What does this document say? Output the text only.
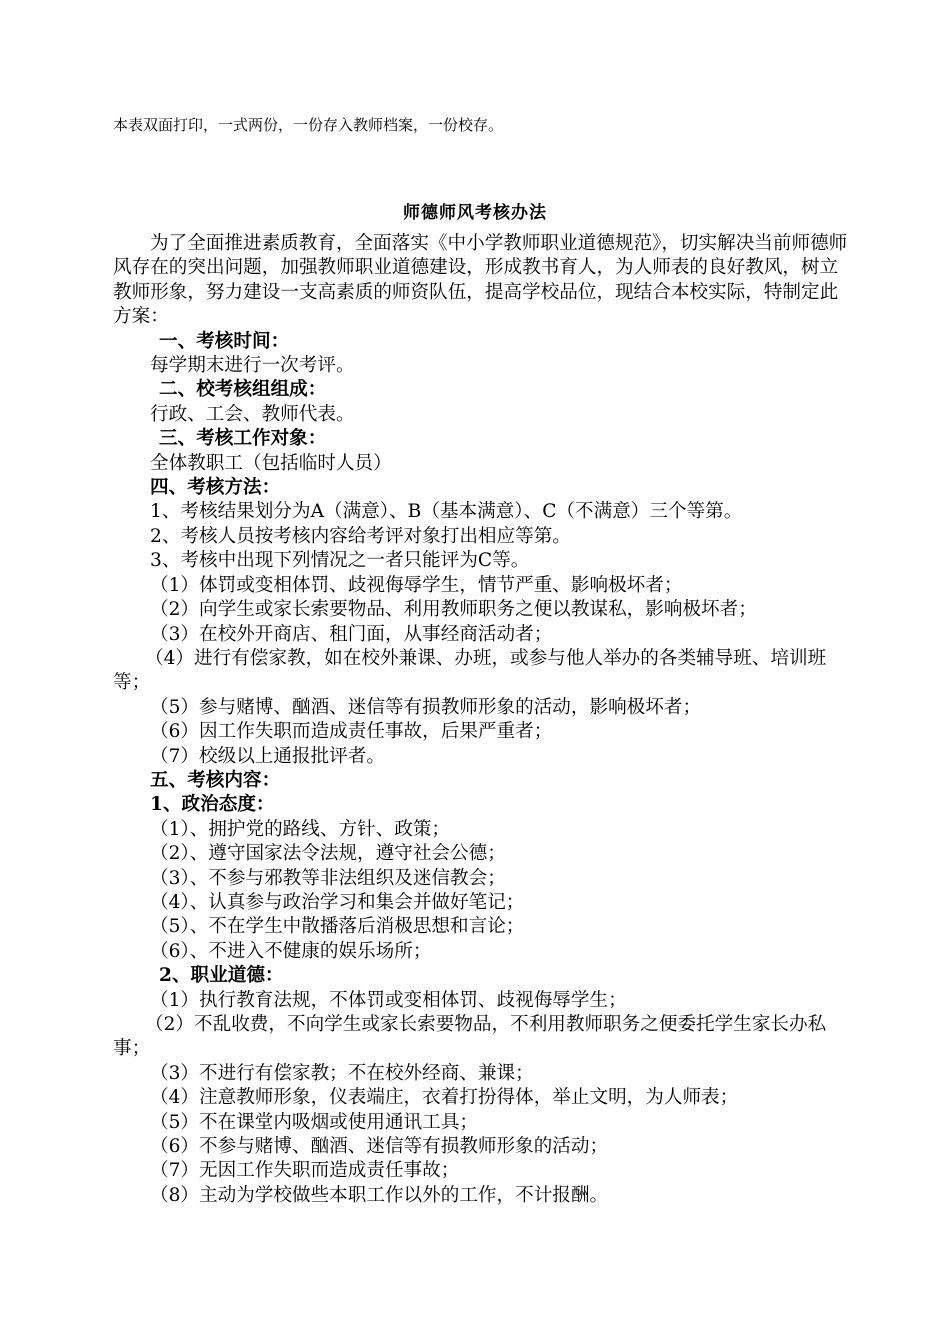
本表双面打印，一式两份，一份存入教师档案，一份校存。
师德师风考核办法

为了全面推进素质教育，全面落实《中小学教师职业道德规范》，切实解决当前师德师风存在的突出问题，加强教师职业道德建设，形成教书育人，为人师表的良好教风，树立教师形象，努力建设一支高素质的师资队伍，提高学校品位，现结合本校实际，特制定此方案：

一、考核时间：

每学期末进行一次考评。

二、校考核组组成：

行政、工会、教师代表。

三、考核工作对象：

全体教职工（包括临时人员）

四、考核方法：

1、考核结果划分为A（满意）、B（基本满意）、C（不满意）三个等第。

2、考核人员按考核内容给考评对象打出相应等第。

3、考核中出现下列情况之一者只能评为C等。

（1）体罚或变相体罚、歧视侮辱学生，情节严重、影响极坏者；

（2）向学生或家长索要物品、利用教师职务之便以教谋私，影响极坏者；

（3）在校外开商店、租门面，从事经商活动者；

（4）进行有偿家教，如在校外兼课、办班，或参与他人举办的各类辅导班、培训班等；

（5）参与赌博、酗酒、迷信等有损教师形象的活动，影响极坏者；

（6）因工作失职而造成责任事故，后果严重者；

（7）校级以上通报批评者。

五、考核内容：

1、政治态度：

（1）、拥护党的路线、方针、政策；

（2）、遵守国家法令法规，遵守社会公德；

（3）、不参与邪教等非法组织及迷信教会；

（4）、认真参与政治学习和集会并做好笔记；

（5）、不在学生中散播落后消极思想和言论；

（6）、不进入不健康的娱乐场所；

2、职业道德：

（1）执行教育法规，不体罚或变相体罚、歧视侮辱学生；

（2）不乱收费，不向学生或家长索要物品，不利用教师职务之便委托学生家长办私事；

（3）不进行有偿家教；不在校外经商、兼课；

（4）注意教师形象，仪表端庄，衣着打扮得体，举止文明，为人师表；

（5）不在课堂内吸烟或使用通讯工具；

（6）不参与赌博、酗酒、迷信等有损教师形象的活动；

（7）无因工作失职而造成责任事故；

（8）主动为学校做些本职工作以外的工作，不计报酬。
